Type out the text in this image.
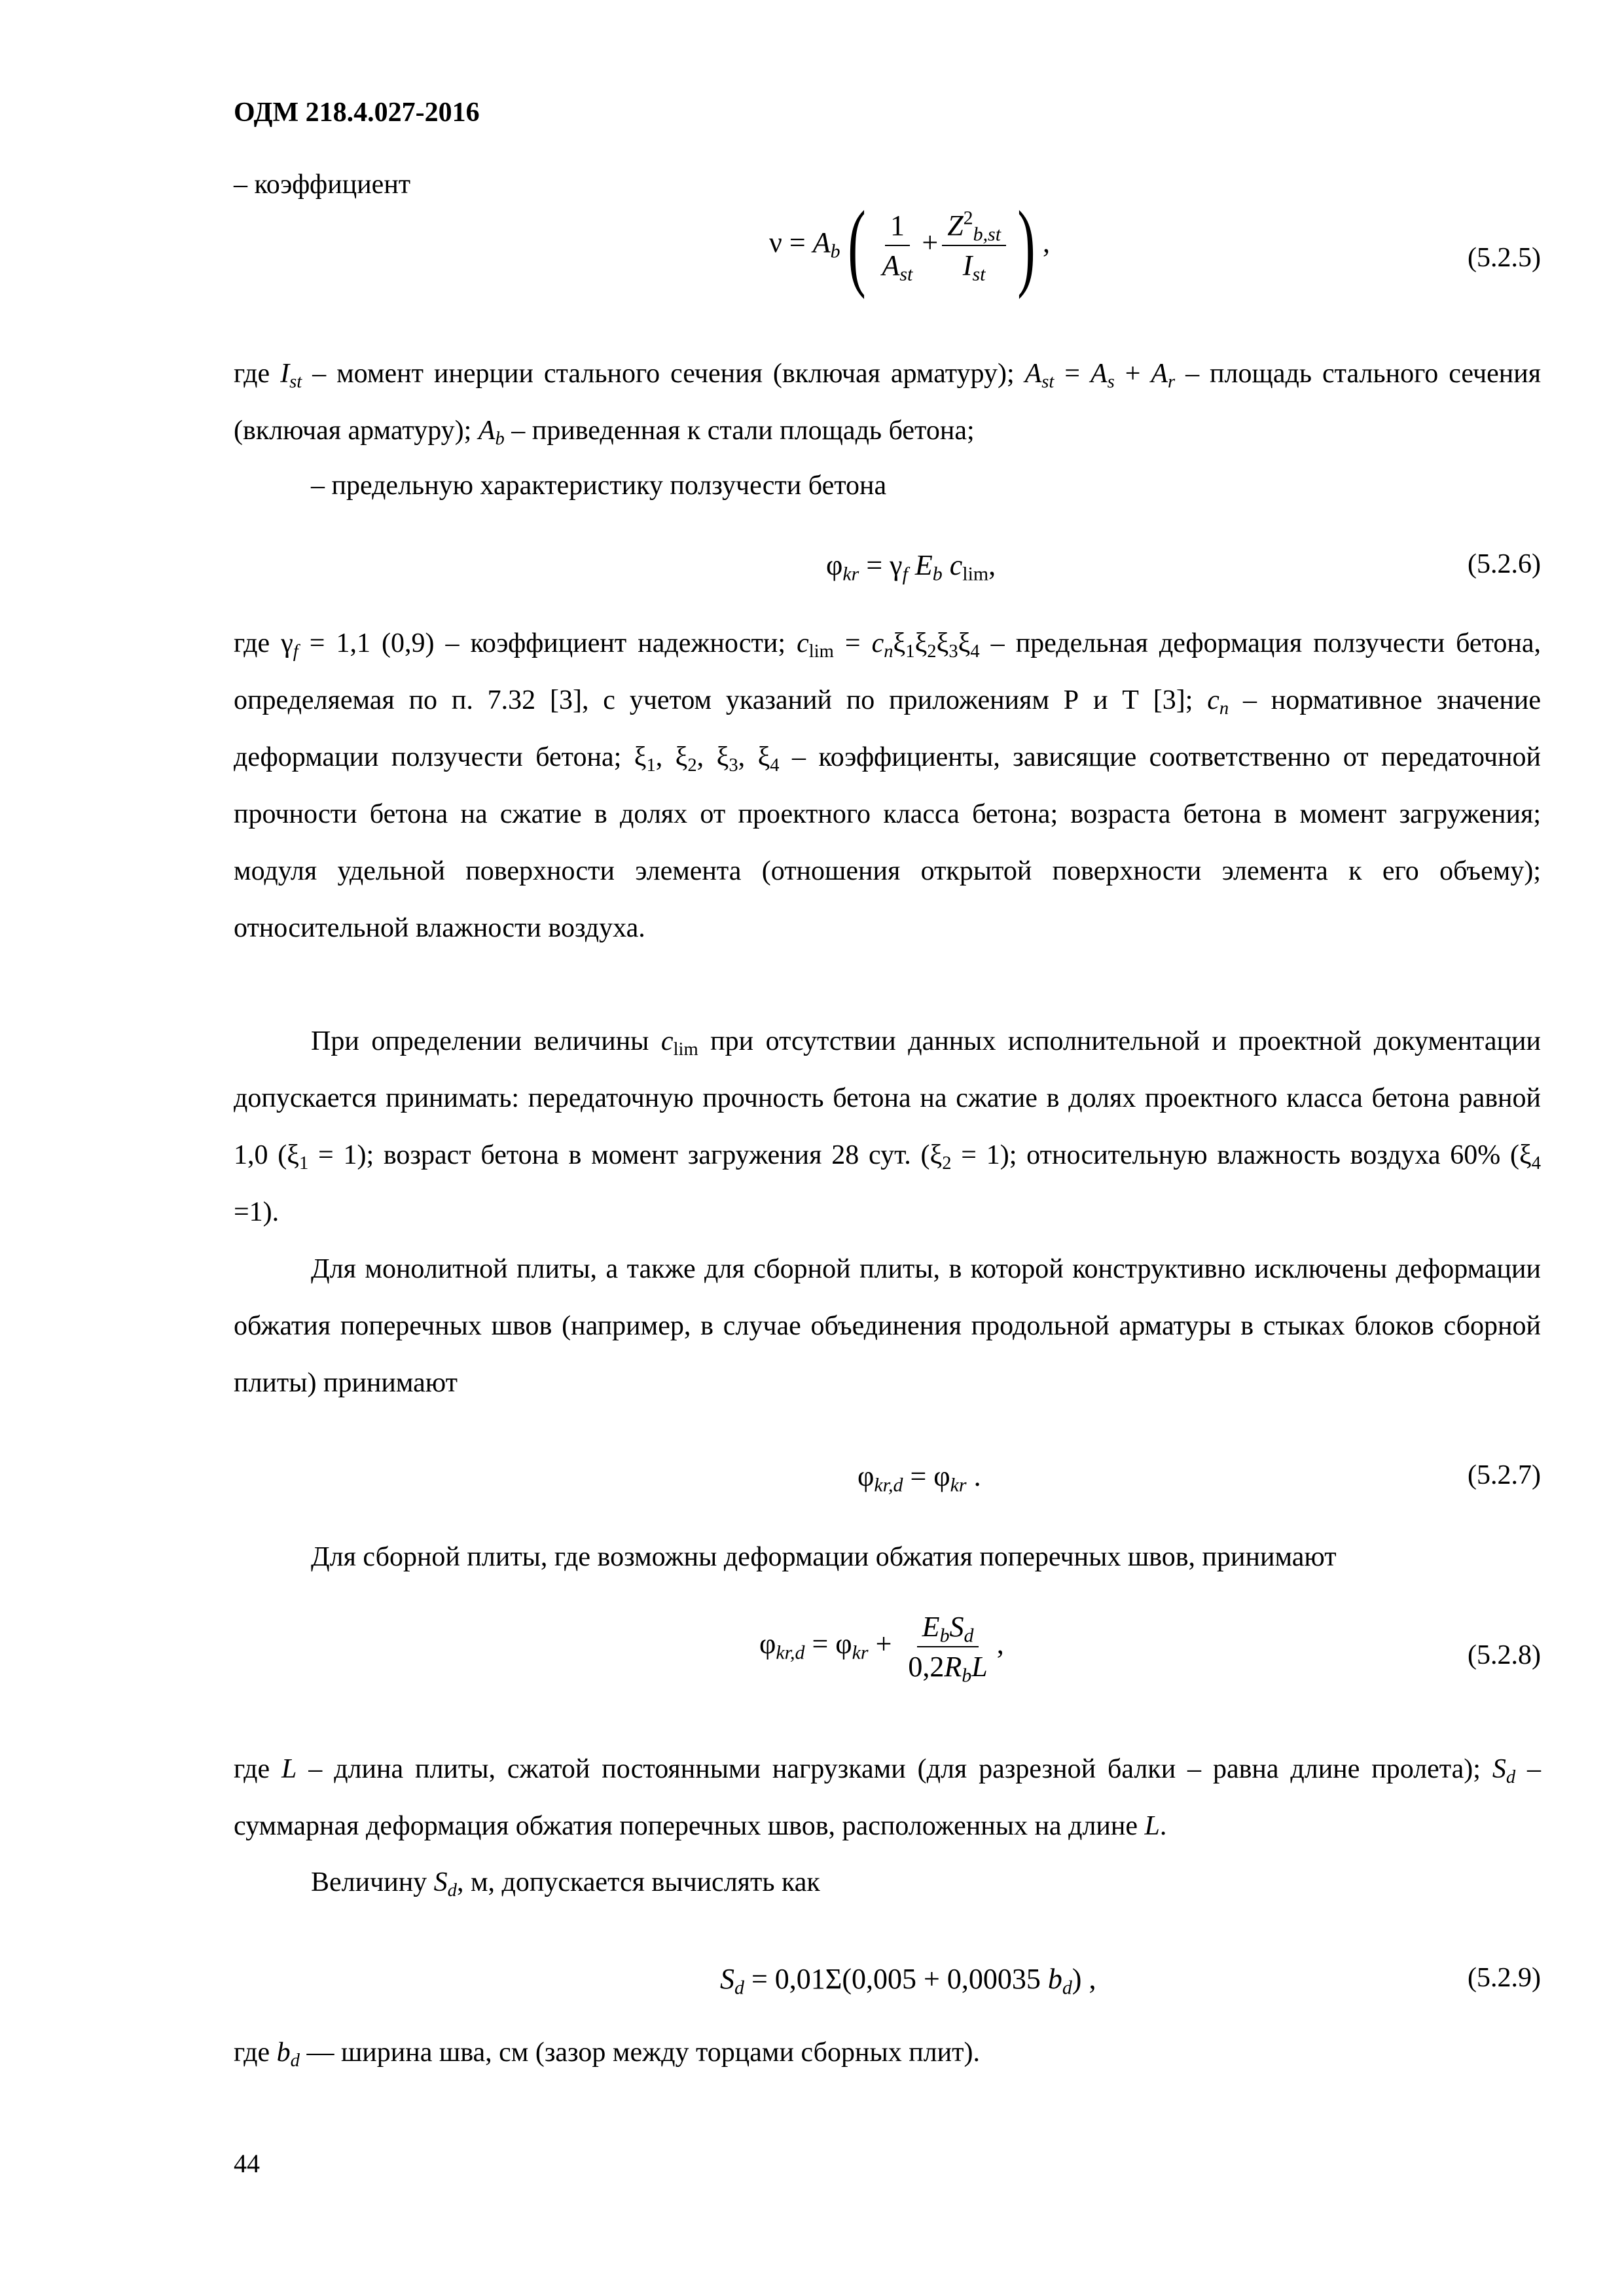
ОДМ 218.4.027-2016
– коэффициент
$\nu = A_b( \frac{1}{A_{st}} + \frac{Z^2_{b,st}}{I_{st}}$ ) ,	(5.2.5)
где $I_{st}$ – момент инерции стального сечения (включая арматуру); $A_{st} = A_s + A_r$ – площадь стального сечения (включая арматуру); $A_b$ – приведенная к стали площадь бетона;
– предельную характеристику ползучести бетона
$\varphi_{kr} = \gamma_f$ $E_b$ $c_{lim}$,	(5.2.6)
где $\gamma_f = 1,1$ (0,9) – коэффициент надежности; $c_{lim} = c_n\xi_1\xi_2\xi_3\xi_4$ – предельная деформация ползучести бетона, определяемая по п. 7.32 [3], с учетом указаний по приложениям Р и Т [3]; $c_n$ – нормативное значение деформации ползучести бетона; $\xi_1$, $\xi_2$, $\xi_3$, $\xi_4$ – коэффициенты, зависящие соответственно от передаточной прочности бетона на сжатие в долях от проектного класса бетона; возраста бетона в момент загружения; модуля удельной поверхности элемента (отношения открытой поверхности элемента к его объему); относительной влажности воздуха.
При определении величины $c_{lim}$ при отсутствии данных исполнительной и проектной документации допускается принимать: передаточную прочность бетона на сжатие в долях проектного класса бетона равной 1,0 $(\xi_1 = 1)$; возраст бетона в момент загружения 28 сут. $(\xi_2 = 1)$; относительную влажность воздуха 60% $(\xi_4 =1)$.
Для монолитной плиты, а также для сборной плиты, в которой конструктивно исключены деформации обжатия поперечных швов (например, в случае объединения продольной арматуры в стыках блоков сборной плиты) принимают
$\varphi_{kr,d} = \varphi_{kr}$ .	(5.2.7)
Для сборной плиты, где возможны деформации обжатия поперечных швов, принимают
$\varphi_{kr,d} = \varphi_{kr} + \frac{E_bS_d}{0,2R_bL}$ ,	(5.2.8)
где L – длина плиты, сжатой постоянными нагрузками (для разрезной балки – равна длине пролета); $S_d$ – суммарная деформация обжатия поперечных швов, расположенных на длине L.
Величину $S_d$, м, допускается вычислять как
$S_d = 0,01\Sigma(0,005 + 0,00035$ $b_d$) ,	(5.2.9)
где $b_d$ — ширина шва, см (зазор между торцами сборных плит).
44
